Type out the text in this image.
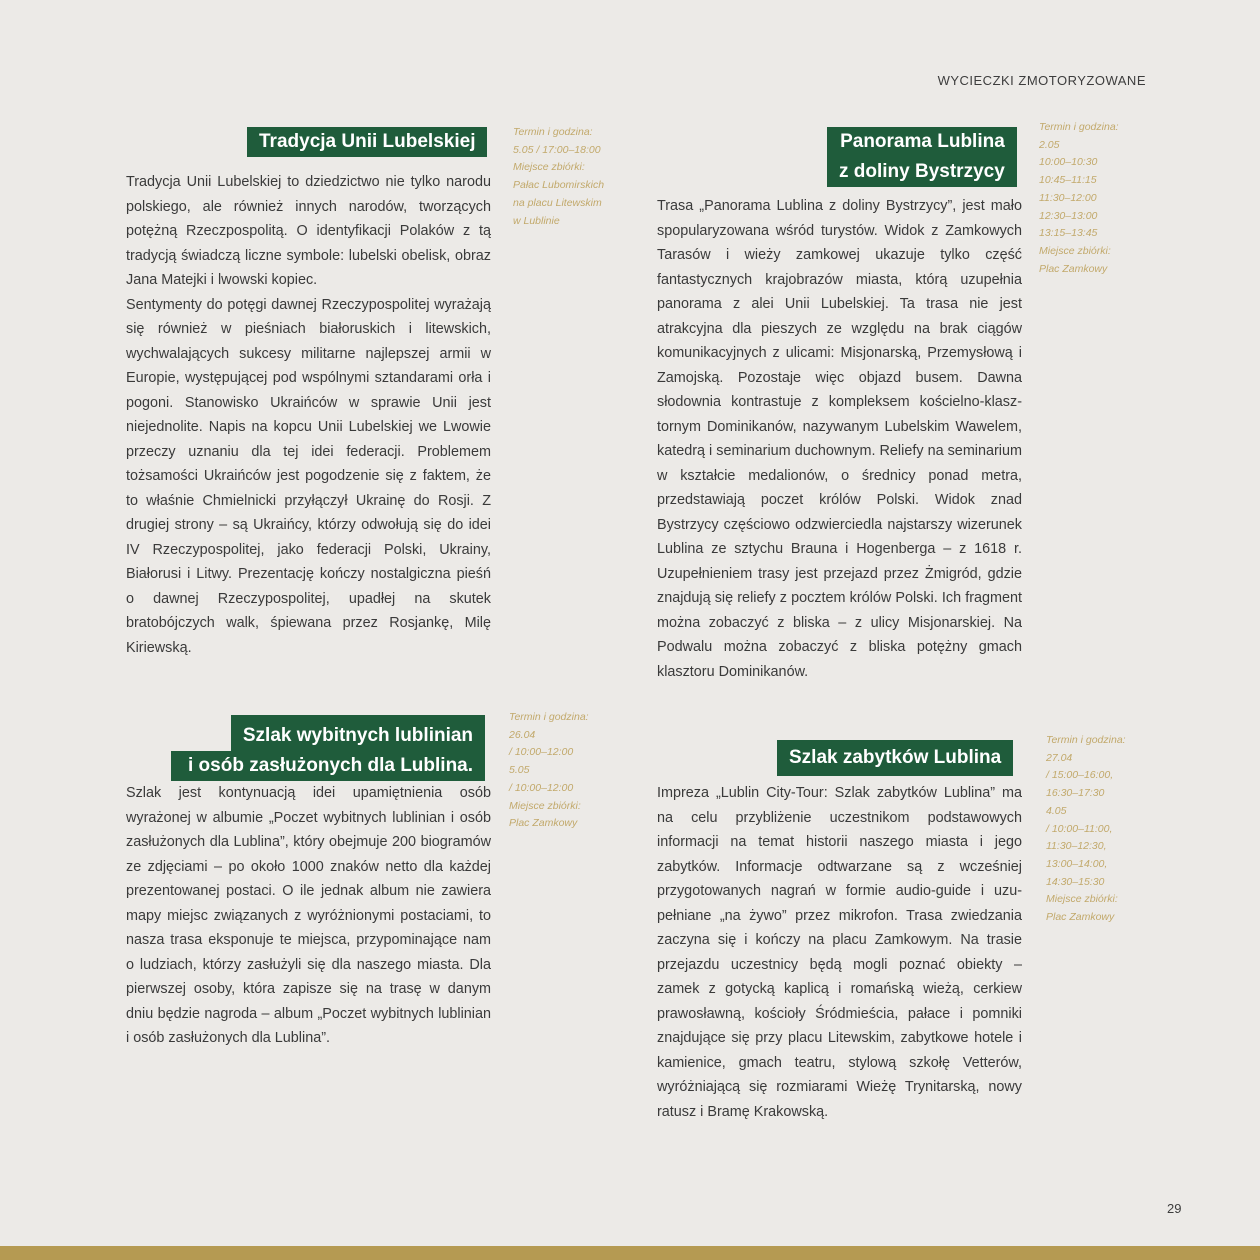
WYCIECZKI ZMOTORYZOWANE
Tradycja Unii Lubelskiej	Termin i godzina:
5.05 / 17:00–18:00
Miejsce zbiórki:
Pałac Lubomirskich
na placu Litewskim
w Lublinie

Tradycja Unii Lubelskiej to dziedzictwo nie tylko narodu polskiego, ale również innych narodów, tworzących potężną Rzeczpospolitą. O identyfikacji Polaków z tą tradycją świadczą liczne symbole: lubelski obelisk, obraz Jana Matejki i lwowski kopiec.

Sentymenty do potęgi dawnej Rzeczypospolitej wyrażają się również w pieśniach białoruskich i litewskich, wychwalających sukcesy militarne najlepszej armii w Europie, występującej pod wspólnymi sztandarami orła i pogoni. Stanowisko Ukraińców w sprawie Unii jest niejednolite. Napis na kopcu Unii Lubelskiej we Lwowie przeczy uznaniu dla tej idei federacji. Problemem tożsamości Ukraińców jest pogodzenie się z faktem, że to właśnie Chmielnicki przyłączył Ukrainę do Rosji. Z drugiej strony – są Ukraińcy, którzy odwołują się do idei IV Rzeczypospolitej, jako federacji Polski, Ukrainy, Białorusi i Litwy. Prezentację kończy nostalgiczna pieśń o dawnej Rzeczypospolitej, upadłej na skutek bratobójczych walk, śpiewana przez Rosjankę, Milę Kiriewską.

Panorama Lublina
z doliny Bystrzycy
Termin i godzina:
2.05
10:00–10:30
10:45–11:15
11:30–12:00
12:30–13:00
13:15–13:45
Miejsce zbiórki:
Plac Zamkowy

Trasa „Panorama Lublina z doliny Bystrzycy”, jest mało spopularyzowana wśród turystów. Widok z Zamkowych Tarasów i wieży zamkowej ukazuje tylko część fantastycznych krajobrazów miasta, którą uzupełnia panorama z alei Unii Lubelskiej. Ta trasa nie jest atrakcyjna dla pieszych ze względu na brak ciągów komunikacyjnych z ulicami: Misjonarską, Przemysłową i Zamojską. Pozostaje więc objazd busem. Dawna słodownia kontrastuje z kompleksem kościelno-klasztornym Dominikanów, nazywanym Lubelskim Wawelem, katedrą i seminarium duchownym. Reliefy na seminarium w kształcie medalionów, o średnicy ponad metra, przedstawiają poczet królów Polski. Widok znad Bystrzycy częściowo odzwierciedla najstarszy wizerunek Lublina ze sztychu Brauna i Hogenberga – z 1618 r. Uzupełnieniem trasy jest przejazd przez Żmigród, gdzie znajdują się reliefy z pocztem królów Polski. Ich fragment można zobaczyć z bliska – z ulicy Misjonarskiej. Na Podwalu można zobaczyć z bliska potężny gmach klasztoru Dominikanów.

Szlak wybitnych lublinian
i osób zasłużonych dla Lublina.
Termin i godzina:
26.04
/ 10:00–12:00
5.05
/ 10:00–12:00
Miejsce zbiórki:
Plac Zamkowy

Szlak jest kontynuacją idei upamiętnienia osób wyrażonej w albumie „Poczet wybitnych lublinian i osób zasłużonych dla Lublina”, który obejmuje 200 biogramów ze zdjęciami – po około 1000 znaków netto dla każdej prezentowanej postaci. O ile jednak album nie zawiera mapy miejsc związanych z wyróżnionymi postaciami, to nasza trasa eksponuje te miejsca, przypominające nam o ludziach, którzy zasłużyli się dla naszego miasta. Dla pierwszej osoby, która zapisze się na trasę w danym dniu będzie nagroda – album „Poczet wybitnych lublinian i osób zasłużonych dla Lublina”.

Szlak zabytków Lublina
Termin i godzina:
27.04
/ 15:00–16:00,
16:30–17:30
4.05
/ 10:00–11:00,
11:30–12:30,
13:00–14:00,
14:30–15:30
Miejsce zbiórki:
Plac Zamkowy

Impreza „Lublin City-Tour: Szlak zabytków Lublina” ma na celu przybliżenie uczestnikom podstawowych informacji na temat historii naszego miasta i jego zabytków. Informacje odtwarzane są z wcześniej przygotowanych nagrań w formie audio-guide i uzupełniane „na żywo” przez mikrofon. Trasa zwiedzania zaczyna się i kończy na placu Zamkowym. Na trasie przejazdu uczestnicy będą mogli poznać obiekty – zamek z gotycką kaplicą i romańską wieżą, cerkiew prawosławną, kościoły Śródmieścia, pałace i pomniki znajdujące się przy placu Litewskim, zabytkowe hotele i kamienice, gmach teatru, stylową szkołę Vetterów, wyróżniającą się rozmiarami Wieżę Trynitarską, nowy ratusz i Bramę Krakowską.

29
